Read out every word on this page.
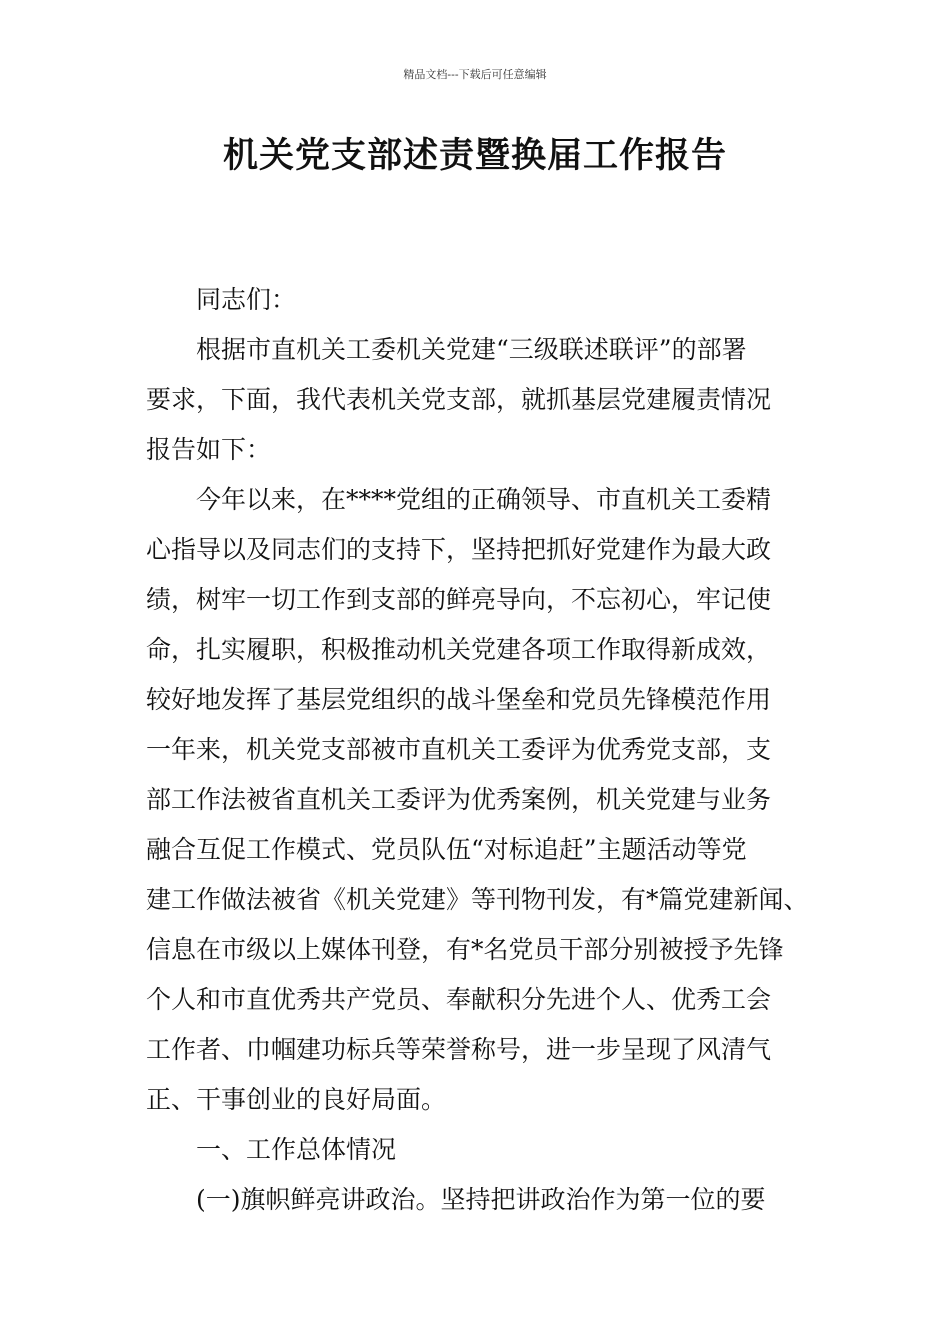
精品文档---下载后可任意编辑
机关党支部述责暨换届工作报告
同志们：
根据市直机关工委机关党建“三级联述联评”的部署
要求，下面，我代表机关党支部，就抓基层党建履责情况
报告如下：
今年以来，在****党组的正确领导、市直机关工委精
心指导以及同志们的支持下，坚持把抓好党建作为最大政
绩，树牢一切工作到支部的鲜亮导向，不忘初心，牢记使
命，扎实履职，积极推动机关党建各项工作取得新成效，
较好地发挥了基层党组织的战斗堡垒和党员先锋模范作用
一年来，机关党支部被市直机关工委评为优秀党支部，支
部工作法被省直机关工委评为优秀案例，机关党建与业务
融合互促工作模式、党员队伍“对标追赶”主题活动等党
建工作做法被省《机关党建》等刊物刊发，有*篇党建新闻、
信息在市级以上媒体刊登，有*名党员干部分别被授予先锋
个人和市直优秀共产党员、奉献积分先进个人、优秀工会
工作者、巾帼建功标兵等荣誉称号，进一步呈现了风清气
正、干事创业的良好局面。
一、工作总体情况
(一)旗帜鲜亮讲政治。坚持把讲政治作为第一位的要
